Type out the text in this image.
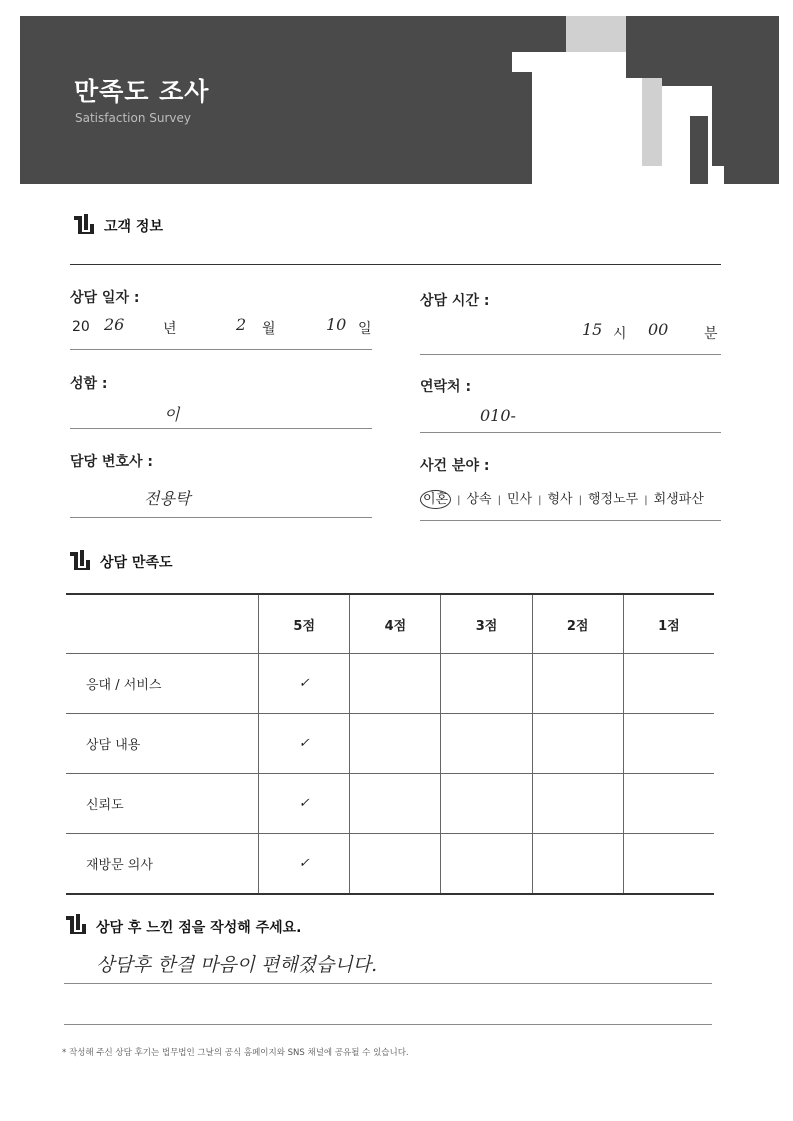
만족도 조사
Satisfaction Survey
고객 정보
상담 일자 :
20 26	년	2 월	10 일
상담 시간 :
15 시 00	분
성함 :
이
연락처 :
010-
담당 변호사 :
전용탁
사건 분야 :
이혼 | 상속 | 민사 | 형사 | 행정노무 | 회생파산
상담 만족도
	5점	4점	3점	2점	1점
응대 / 서비스	✓				
상담 내용	✓				
신뢰도	✓				
재방문 의사	✓				
상담 후 느낀 점을 작성해 주세요.
상담후 한결 마음이 편해졌습니다.
* 작성해 주신 상담 후기는 법무법인 그날의 공식 홈페이지와 SNS 채널에 공유될 수 있습니다.
